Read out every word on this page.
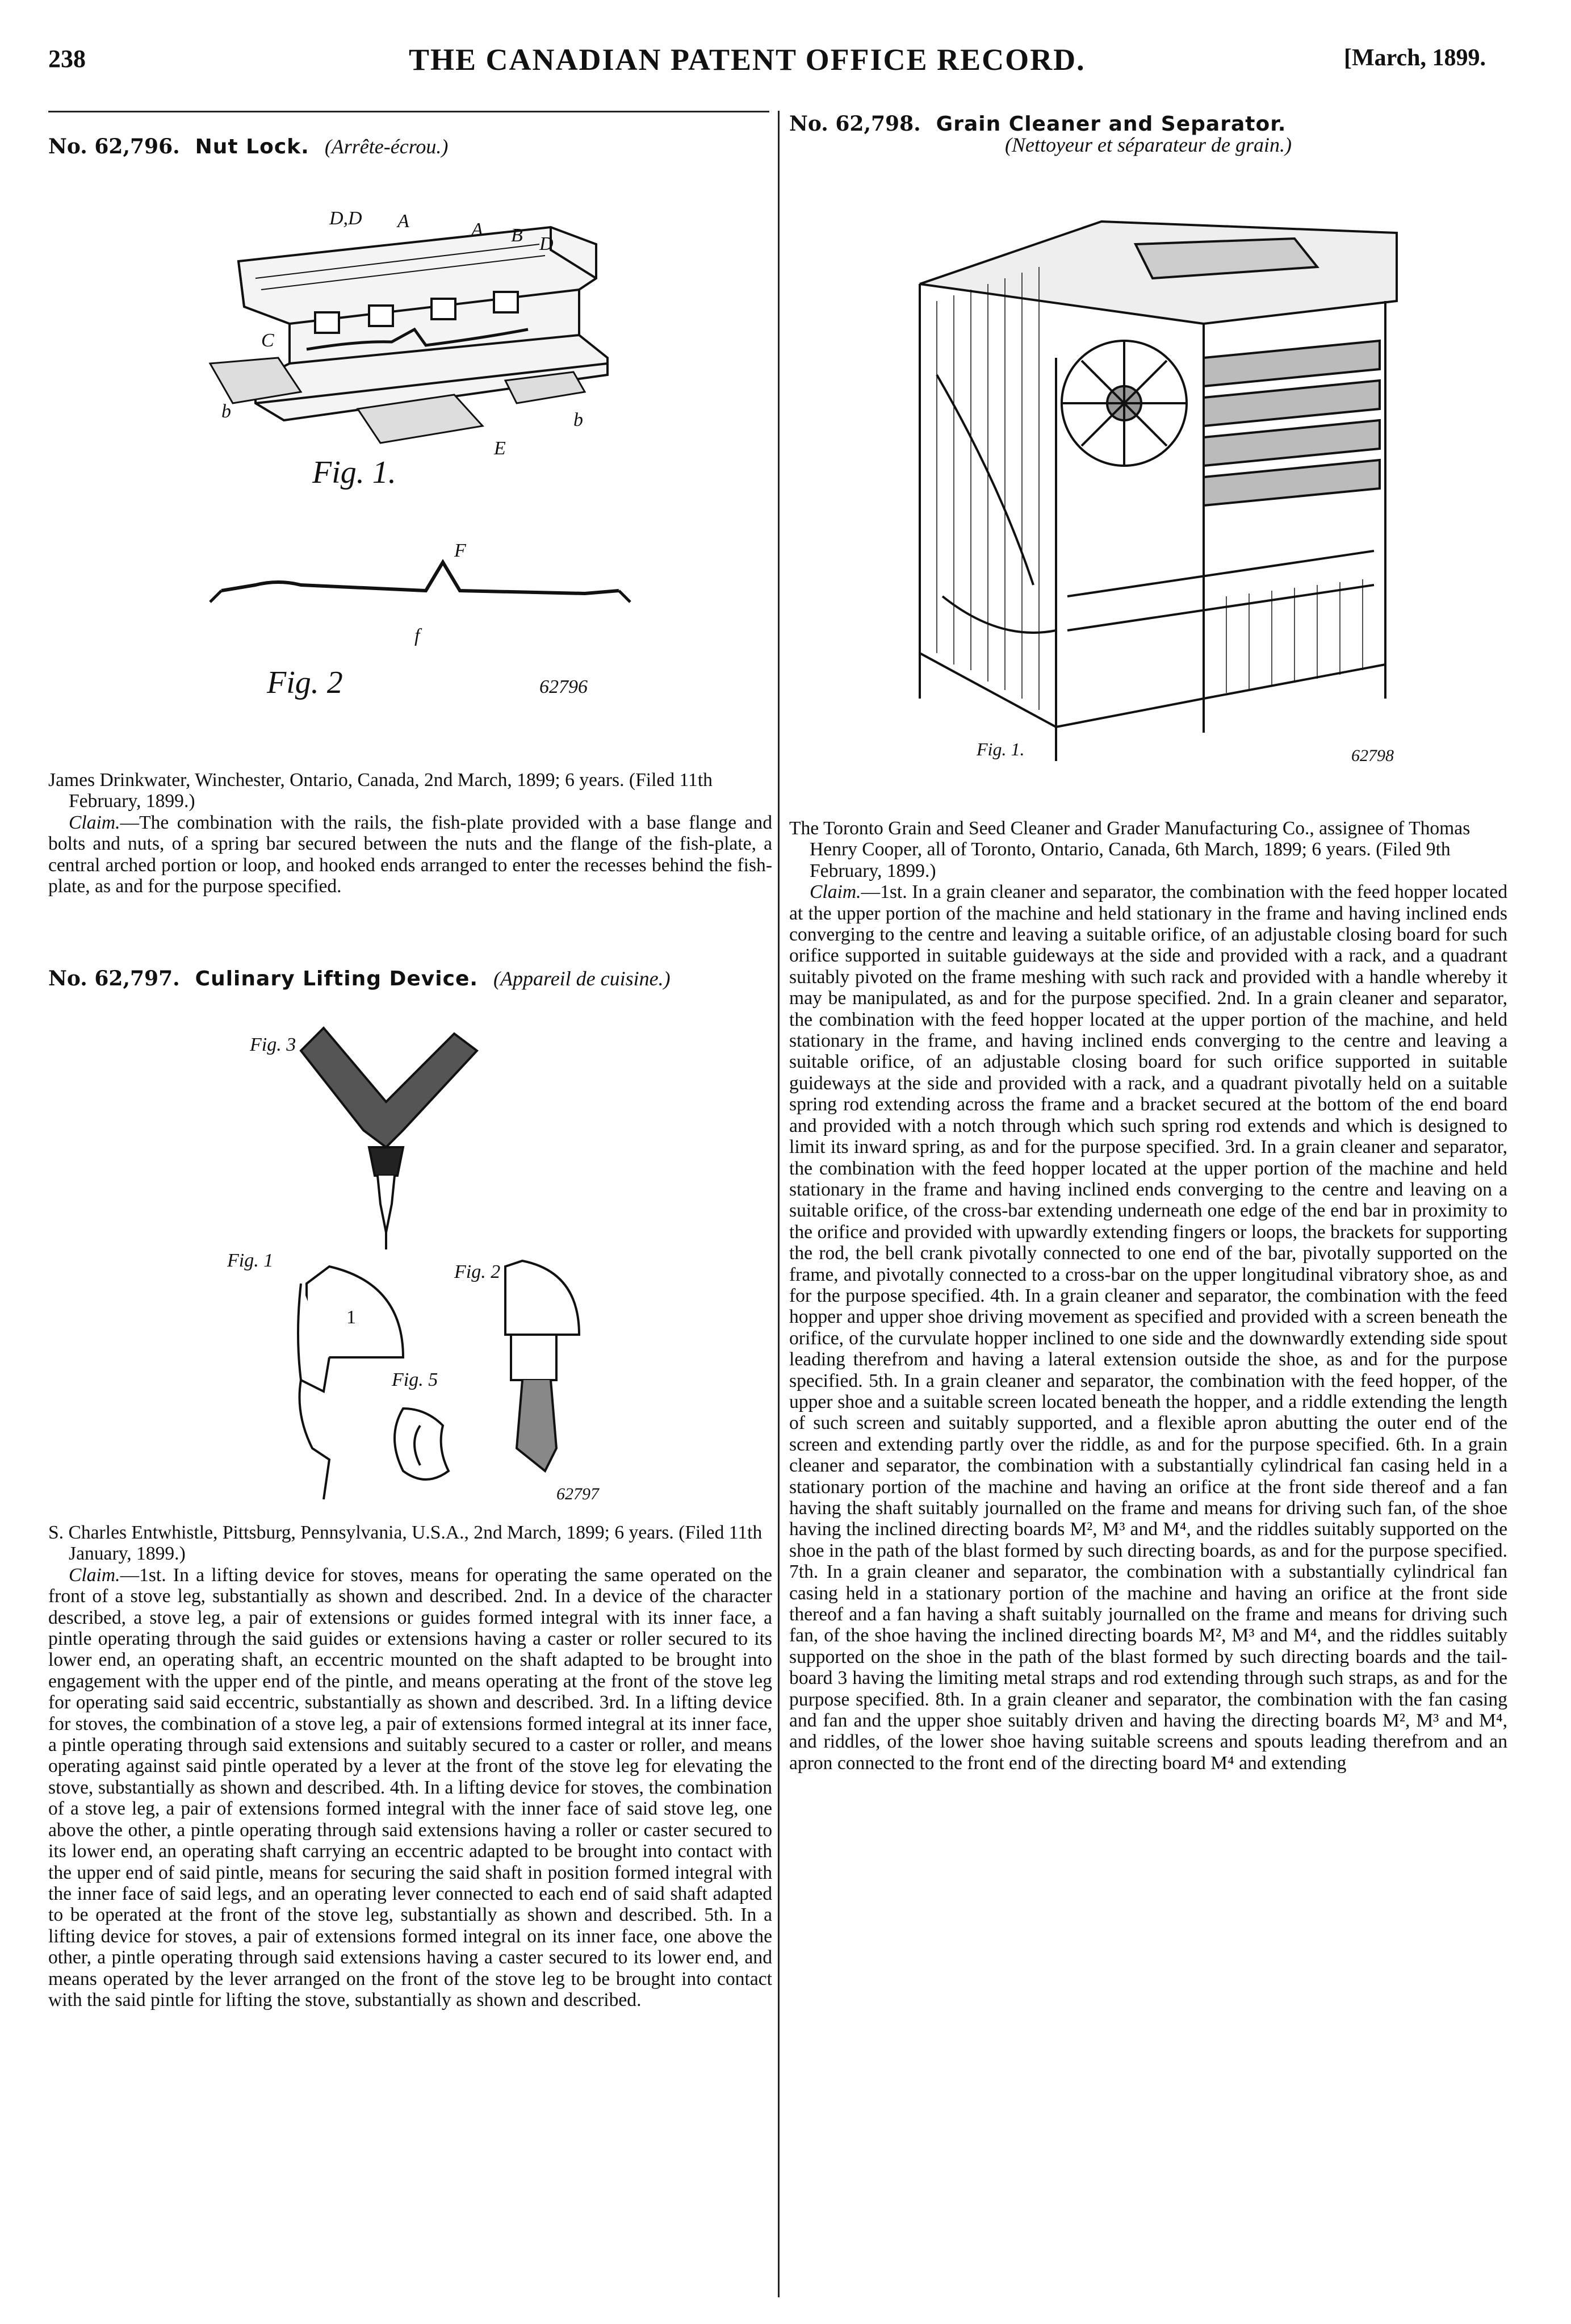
238	THE CANADIAN PATENT OFFICE RECORD.	[March, 1899.
No. 62,796. Nut Lock. (Arrête-écrou.)
D,D A	A B D
C
b
E
b
Fig. 1.
F
f
Fig. 2	62796

James Drinkwater, Winchester, Ontario, Canada, 2nd March, 1899; 6 years. (Filed 11th February, 1899.)

Claim.—The combination with the rails, the fish-plate provided with a base flange and bolts and nuts, of a spring bar secured between the nuts and the flange of the fish-plate, a central arched portion or loop, and hooked ends arranged to enter the recesses behind the fish-plate, as and for the purpose specified.

No. 62,797. Culinary Lifting Device. (Appareil de cuisine.)
Fig. 3
Fig. 1
Fig. 2
Fig. 5
1
62797

S. Charles Entwhistle, Pittsburg, Pennsylvania, U.S.A., 2nd March, 1899; 6 years. (Filed 11th January, 1899.)

Claim.—1st. In a lifting device for stoves, means for operating the same operated on the front of a stove leg, substantially as shown and described. 2nd. In a device of the character described, a stove leg, a pair of extensions or guides formed integral with its inner face, a pintle operating through the said guides or extensions having a caster or roller secured to its lower end, an operating shaft, an eccentric mounted on the shaft adapted to be brought into engagement with the upper end of the pintle, and means operating at the front of the stove leg for operating said said eccentric, substantially as shown and described. 3rd. In a lifting device for stoves, the combination of a stove leg, a pair of extensions formed integral at its inner face, a pintle operating through said extensions and suitably secured to a caster or roller, and means operating against said pintle operated by a lever at the front of the stove leg for elevating the stove, substantially as shown and described. 4th. In a lifting device for stoves, the combination of a stove leg, a pair of extensions formed integral with the inner face of said stove leg, one above the other, a pintle operating through said extensions having a roller or caster secured to its lower end, an operating shaft carrying an eccentric adapted to be brought into contact with the upper end of said pintle, means for securing the said shaft in position formed integral with the inner face of said legs, and an operating lever connected to each end of said shaft adapted to be operated at the front of the stove leg, substantially as shown and described. 5th. In a lifting device for stoves, a pair of extensions formed integral on its inner face, one above the other, a pintle operating through said extensions having a caster secured to its lower end, and means operated by the lever arranged on the front of the stove leg to be brought into contact with the said pintle for lifting the stove, substantially as shown and described.

No. 62,798. Grain Cleaner and Separator.
(Nettoyeur et séparateur de grain.)
Fig. 1.	62798

The Toronto Grain and Seed Cleaner and Grader Manufacturing Co., assignee of Thomas Henry Cooper, all of Toronto, Ontario, Canada, 6th March, 1899; 6 years. (Filed 9th February, 1899.)

Claim.—1st. In a grain cleaner and separator, the combination with the feed hopper located at the upper portion of the machine and held stationary in the frame and having inclined ends converging to the centre and leaving a suitable orifice, of an adjustable closing board for such orifice supported in suitable guideways at the side and provided with a rack, and a quadrant suitably pivoted on the frame meshing with such rack and provided with a handle whereby it may be manipulated, as and for the purpose specified. 2nd. In a grain cleaner and separator, the combination with the feed hopper located at the upper portion of the machine, and held stationary in the frame, and having inclined ends converging to the centre and leaving a suitable orifice, of an adjustable closing board for such orifice supported in suitable guideways at the side and provided with a rack, and a quadrant pivotally held on a suitable spring rod extending across the frame and a bracket secured at the bottom of the end board and provided with a notch through which such spring rod extends and which is designed to limit its inward spring, as and for the purpose specified. 3rd. In a grain cleaner and separator, the combination with the feed hopper located at the upper portion of the machine and held stationary in the frame and having inclined ends converging to the centre and leaving on a suitable orifice, of the cross-bar extending underneath one edge of the end bar in proximity to the orifice and provided with upwardly extending fingers or loops, the brackets for supporting the rod, the bell crank pivotally connected to one end of the bar, pivotally supported on the frame, and pivotally connected to a cross-bar on the upper longitudinal vibratory shoe, as and for the purpose specified. 4th. In a grain cleaner and separator, the combination with the feed hopper and upper shoe driving movement as specified and provided with a screen beneath the orifice, of the curvulate hopper inclined to one side and the downwardly extending side spout leading therefrom and having a lateral extension outside the shoe, as and for the purpose specified. 5th. In a grain cleaner and separator, the combination with the feed hopper, of the upper shoe and a suitable screen located beneath the hopper, and a riddle extending the length of such screen and suitably supported, and a flexible apron abutting the outer end of the screen and extending partly over the riddle, as and for the purpose specified. 6th. In a grain cleaner and separator, the combination with a substantially cylindrical fan casing held in a stationary portion of the machine and having an orifice at the front side thereof and a fan having the shaft suitably journalled on the frame and means for driving such fan, of the shoe having the inclined directing boards M², M³ and M⁴, and the riddles suitably supported on the shoe in the path of the blast formed by such directing boards, as and for the purpose specified. 7th. In a grain cleaner and separator, the combination with a substantially cylindrical fan casing held in a stationary portion of the machine and having an orifice at the front side thereof and a fan having a shaft suitably journalled on the frame and means for driving such fan, of the shoe having the inclined directing boards M², M³ and M⁴, and the riddles suitably supported on the shoe in the path of the blast formed by such directing boards and the tail-board 3 having the limiting metal straps and rod extending through such straps, as and for the purpose specified. 8th. In a grain cleaner and separator, the combination with the fan casing and fan and the upper shoe suitably driven and having the directing boards M², M³ and M⁴, and riddles, of the lower shoe having suitable screens and spouts leading therefrom and an apron connected to the front end of the directing board M⁴ and extending
